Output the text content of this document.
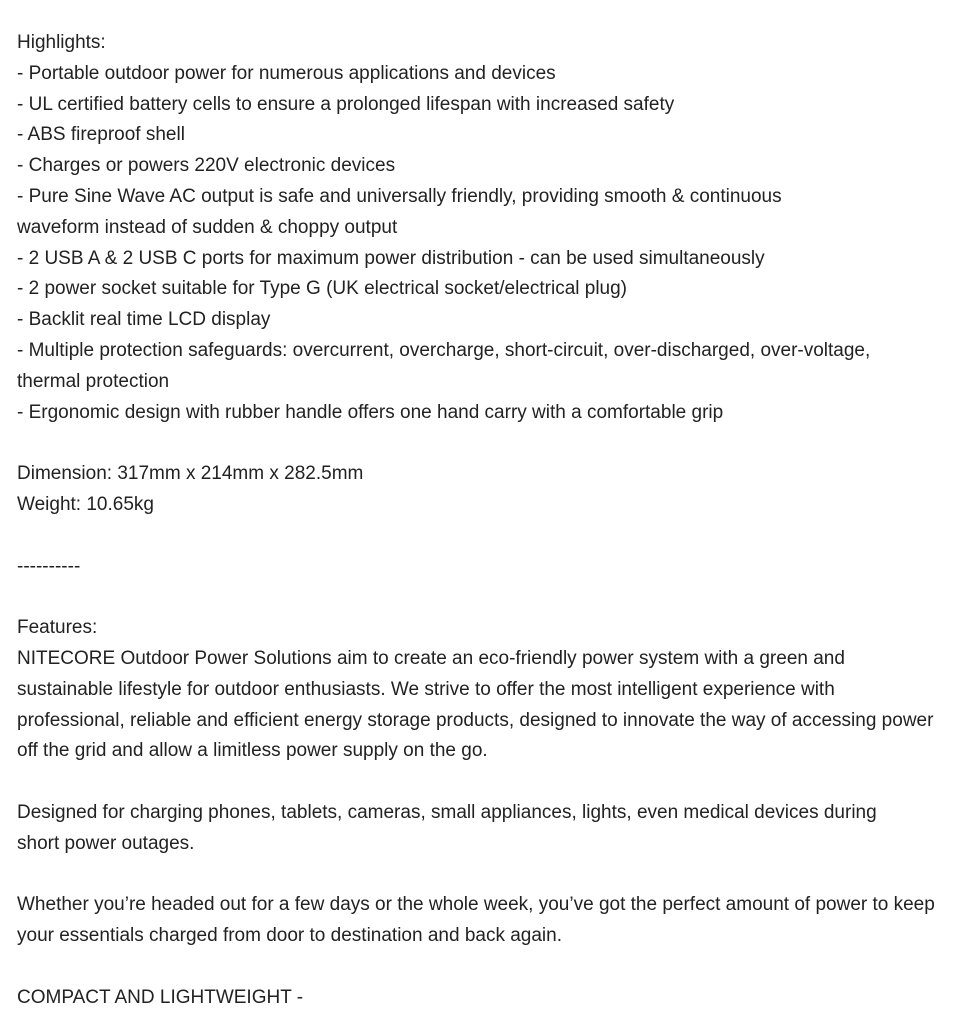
Highlights:
- Portable outdoor power for numerous applications and devices
- UL certified battery cells to ensure a prolonged lifespan with increased safety
- ABS fireproof shell
- Charges or powers 220V electronic devices
- Pure Sine Wave AC output is safe and universally friendly, providing smooth & continuous waveform instead of sudden & choppy output
- 2 USB A & 2 USB C ports for maximum power distribution - can be used simultaneously
- 2 power socket suitable for Type G (UK electrical socket/electrical plug)
- Backlit real time LCD display
- Multiple protection safeguards: overcurrent, overcharge, short-circuit, over-discharged, over-voltage, thermal protection
- Ergonomic design with rubber handle offers one hand carry with a comfortable grip
Dimension: 317mm x 214mm x 282.5mm
Weight: 10.65kg
----------
Features:
NITECORE Outdoor Power Solutions aim to create an eco-friendly power system with a green and sustainable lifestyle for outdoor enthusiasts. We strive to offer the most intelligent experience with professional, reliable and efficient energy storage products, designed to innovate the way of accessing power off the grid and allow a limitless power supply on the go.
Designed for charging phones, tablets, cameras, small appliances, lights, even medical devices during short power outages.
Whether you’re headed out for a few days or the whole week, you’ve got the perfect amount of power to keep your essentials charged from door to destination and back again.
COMPACT AND LIGHTWEIGHT -
